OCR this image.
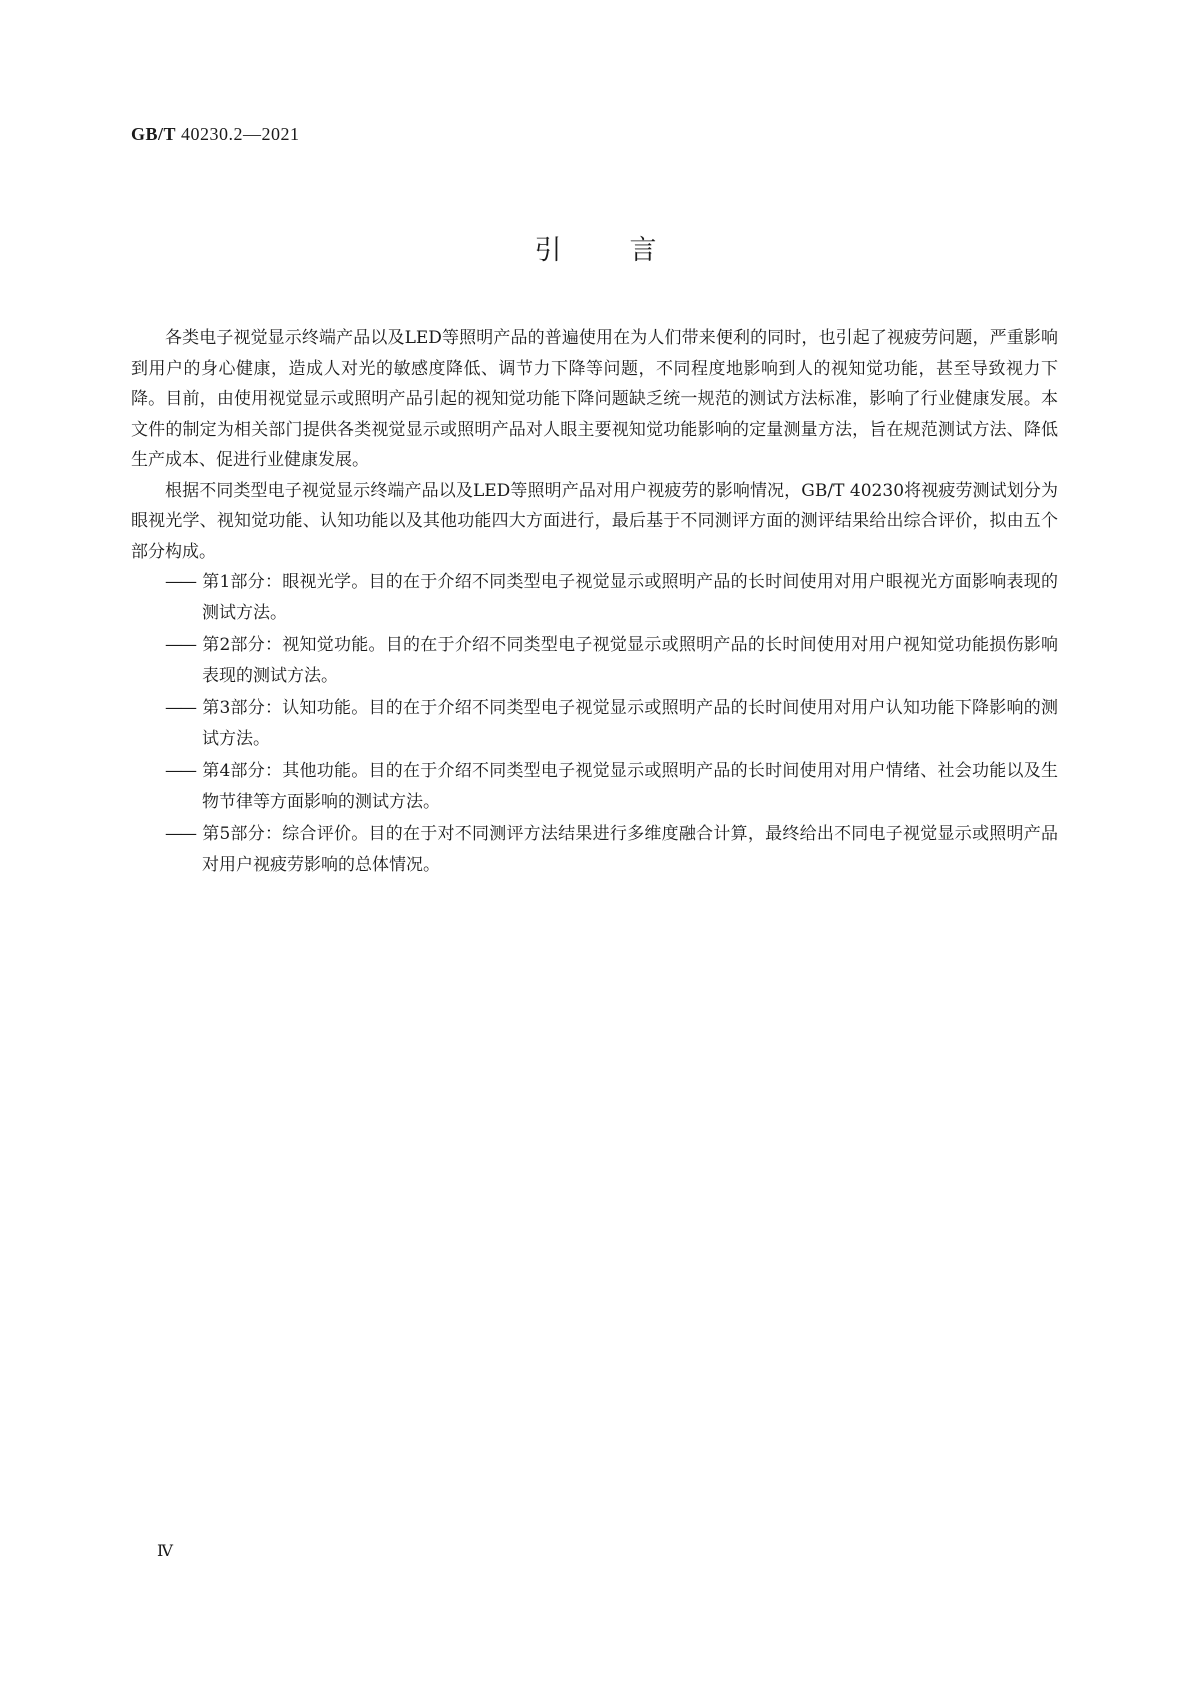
GB/T 40230.2—2021
引言

各类电子视觉显示终端产品以及LED等照明产品的普遍使用在为人们带来便利的同时，也引起了视疲劳问题，严重影响到用户的身心健康，造成人对光的敏感度降低、调节力下降等问题，不同程度地影响到人的视知觉功能，甚至导致视力下降。目前，由使用视觉显示或照明产品引起的视知觉功能下降问题缺乏统一规范的测试方法标准，影响了行业健康发展。本文件的制定为相关部门提供各类视觉显示或照明产品对人眼主要视知觉功能影响的定量测量方法，旨在规范测试方法、降低生产成本、促进行业健康发展。

根据不同类型电子视觉显示终端产品以及LED等照明产品对用户视疲劳的影响情况，GB/T 40230将视疲劳测试划分为眼视光学、视知觉功能、认知功能以及其他功能四大方面进行，最后基于不同测评方面的测评结果给出综合评价，拟由五个部分构成。

—— 第1部分：眼视光学。目的在于介绍不同类型电子视觉显示或照明产品的长时间使用对用户眼视光方面影响表现的测试方法。
—— 第2部分：视知觉功能。目的在于介绍不同类型电子视觉显示或照明产品的长时间使用对用户视知觉功能损伤影响表现的测试方法。
—— 第3部分：认知功能。目的在于介绍不同类型电子视觉显示或照明产品的长时间使用对用户认知功能下降影响的测试方法。
—— 第4部分：其他功能。目的在于介绍不同类型电子视觉显示或照明产品的长时间使用对用户情绪、社会功能以及生物节律等方面影响的测试方法。
—— 第5部分：综合评价。目的在于对不同测评方法结果进行多维度融合计算，最终给出不同电子视觉显示或照明产品对用户视疲劳影响的总体情况。
Ⅳ
